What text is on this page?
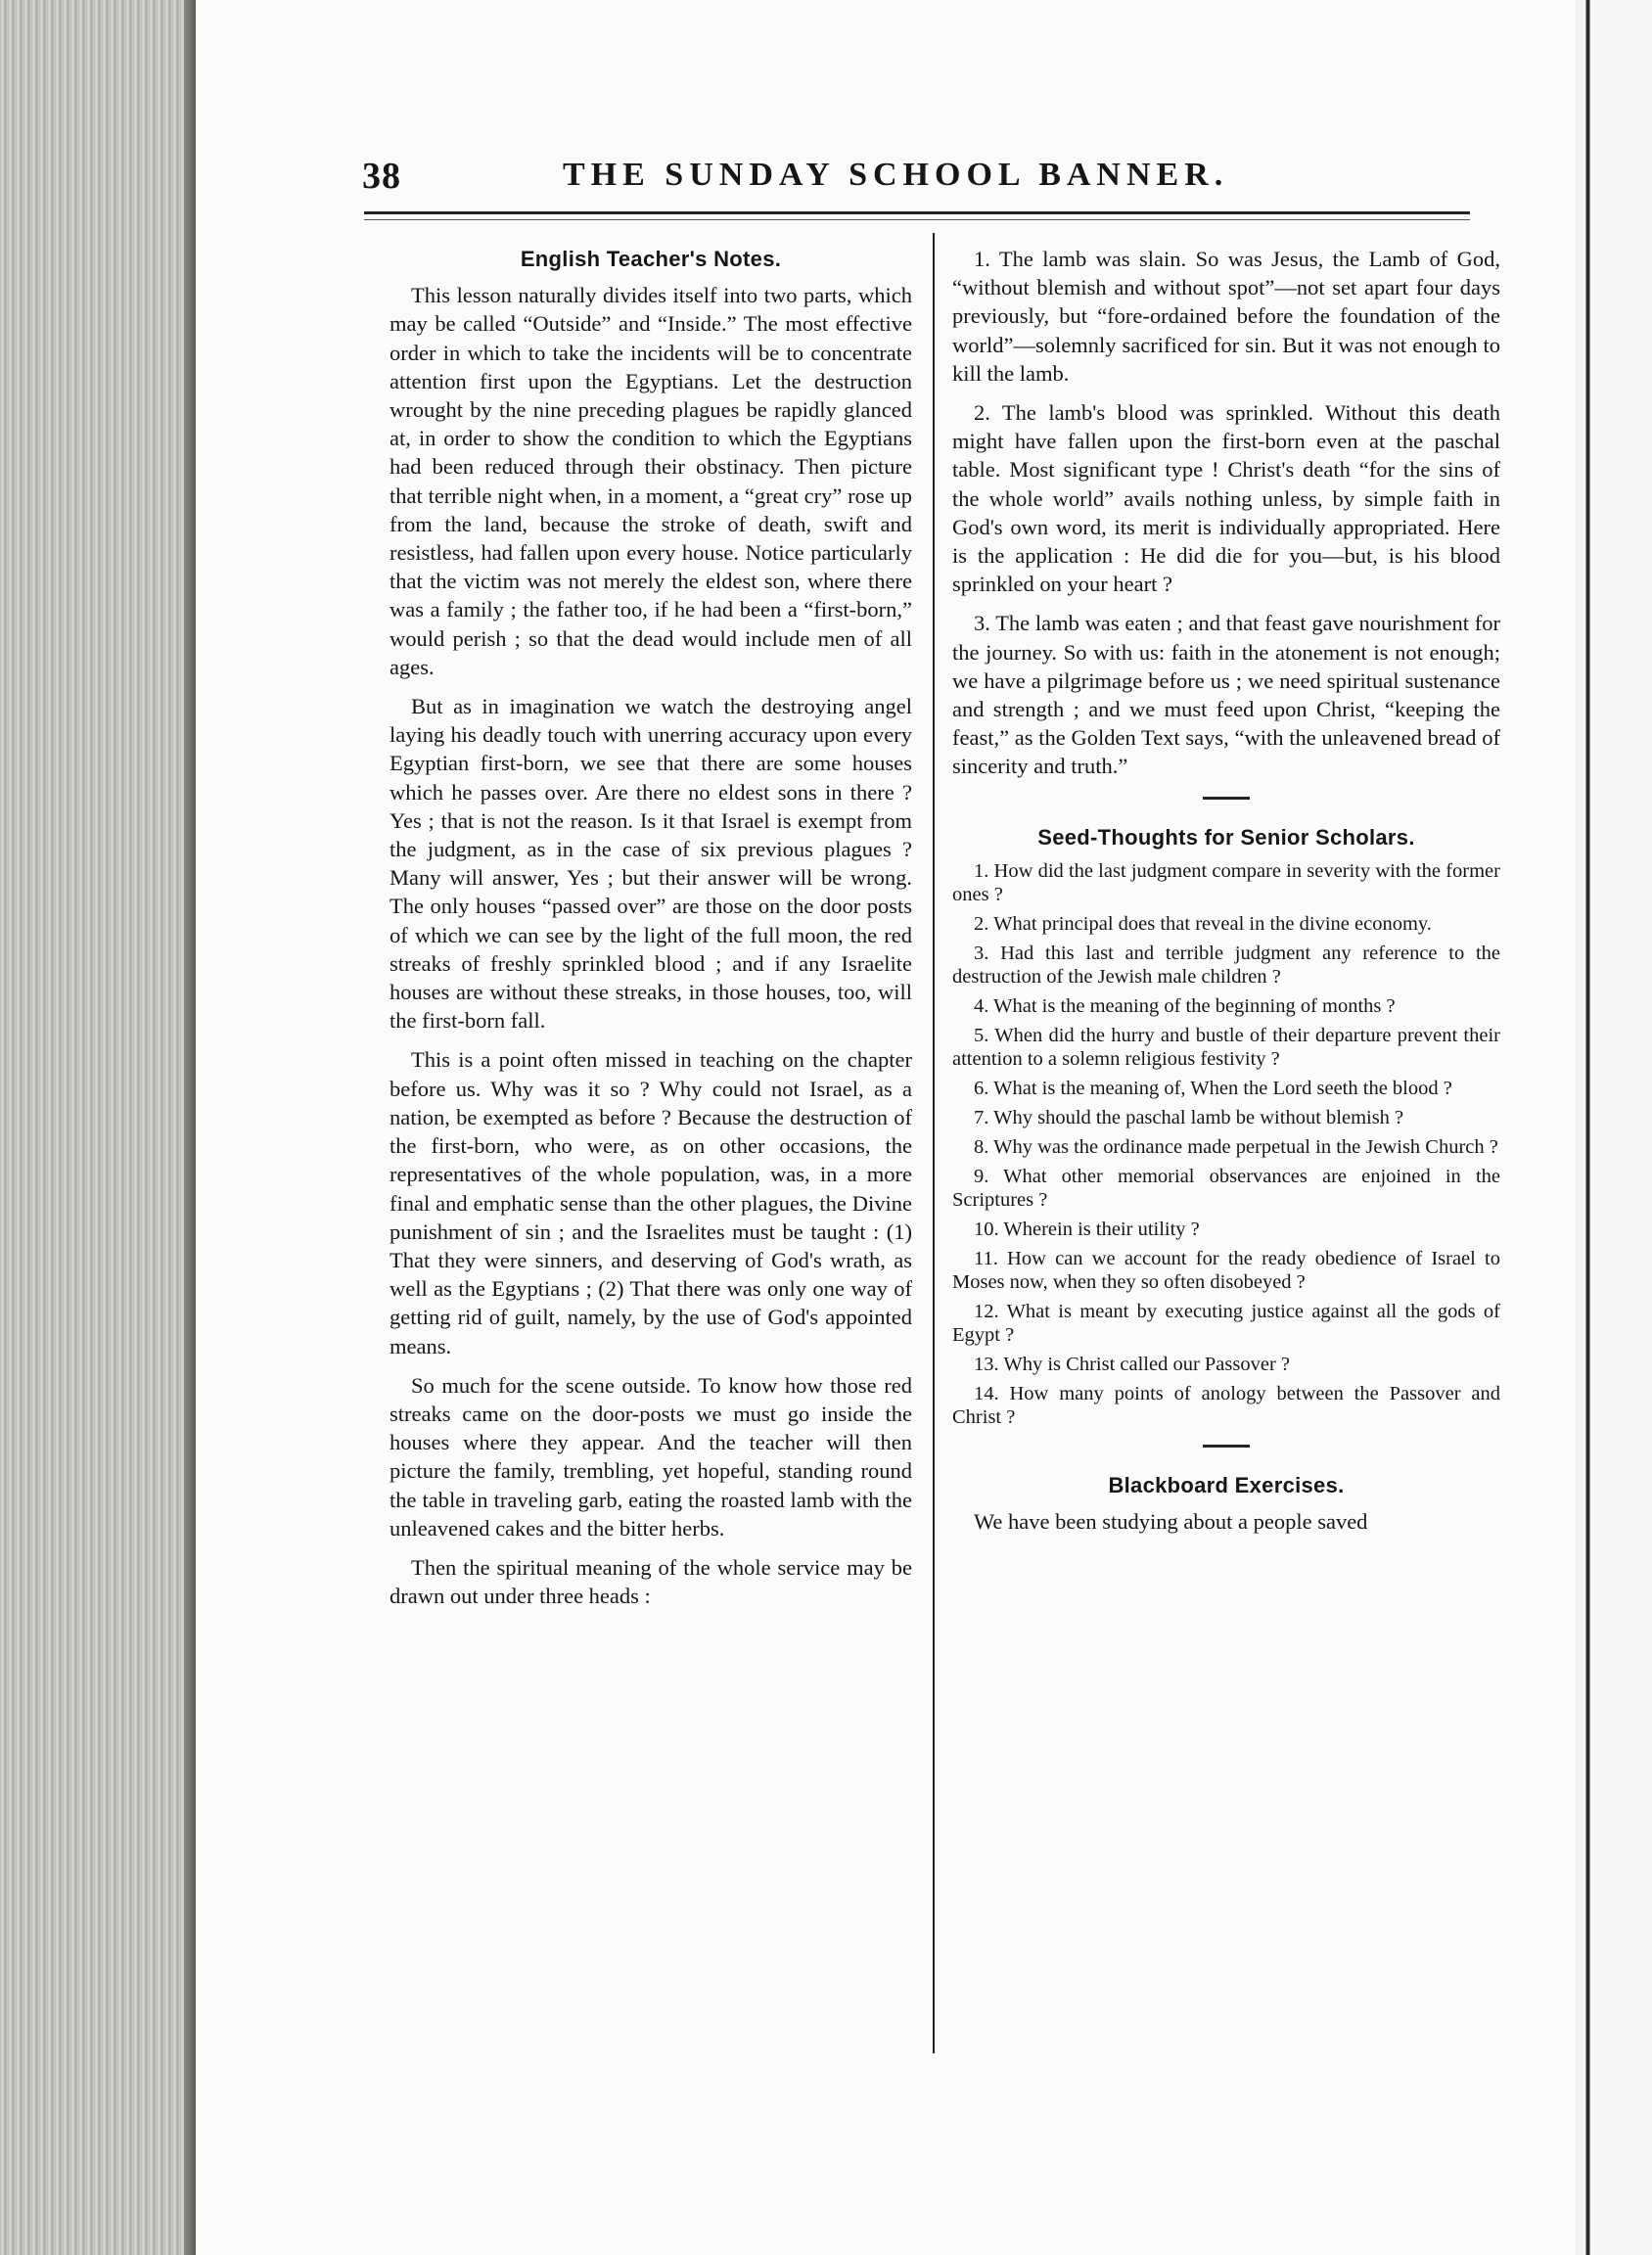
38	THE SUNDAY SCHOOL BANNER.
English Teacher's Notes.

This lesson naturally divides itself into two parts, which may be called “Outside” and “Inside.” The most effective order in which to take the incidents will be to concentrate attention first upon the Egyptians. Let the destruction wrought by the nine preceding plagues be rapidly glanced at, in order to show the condition to which the Egyptians had been reduced through their obstinacy. Then picture that terrible night when, in a moment, a “great cry” rose up from the land, because the stroke of death, swift and resistless, had fallen upon every house. Notice particularly that the victim was not merely the eldest son, where there was a family ; the father too, if he had been a “first-born,” would perish ; so that the dead would include men of all ages.

But as in imagination we watch the destroying angel laying his deadly touch with unerring accuracy upon every Egyptian first-born, we see that there are some houses which he passes over. Are there no eldest sons in there ? Yes ; that is not the reason. Is it that Israel is exempt from the judgment, as in the case of six previous plagues ? Many will answer, Yes ; but their answer will be wrong. The only houses “passed over” are those on the door posts of which we can see by the light of the full moon, the red streaks of freshly sprinkled blood ; and if any Israelite houses are without these streaks, in those houses, too, will the first-born fall.

This is a point often missed in teaching on the chapter before us. Why was it so ? Why could not Israel, as a nation, be exempted as before ? Because the destruction of the first-born, who were, as on other occasions, the representatives of the whole population, was, in a more final and emphatic sense than the other plagues, the Divine punishment of sin ; and the Israelites must be taught : (1) That they were sinners, and deserving of God's wrath, as well as the Egyptians ; (2) That there was only one way of getting rid of guilt, namely, by the use of God's appointed means.

So much for the scene outside. To know how those red streaks came on the door-posts we must go inside the houses where they appear. And the teacher will then picture the family, trembling, yet hopeful, standing round the table in traveling garb, eating the roasted lamb with the unleavened cakes and the bitter herbs.

Then the spiritual meaning of the whole service may be drawn out under three heads :

1. The lamb was slain. So was Jesus, the Lamb of God, “without blemish and without spot”—not set apart four days previously, but “fore-ordained before the foundation of the world”—solemnly sacrificed for sin. But it was not enough to kill the lamb.

2. The lamb's blood was sprinkled. Without this death might have fallen upon the first-born even at the paschal table. Most significant type ! Christ's death “for the sins of the whole world” avails nothing unless, by simple faith in God's own word, its merit is individually appropriated. Here is the application : He did die for you—but, is his blood sprinkled on your heart ?

3. The lamb was eaten ; and that feast gave nourishment for the journey. So with us: faith in the atonement is not enough; we have a pilgrimage before us ; we need spiritual sustenance and strength ; and we must feed upon Christ, “keeping the feast,” as the Golden Text says, “with the unleavened bread of sincerity and truth.”

Seed-Thoughts for Senior Scholars.

1. How did the last judgment compare in severity with the former ones ?

2. What principal does that reveal in the divine economy.

3. Had this last and terrible judgment any reference to the destruction of the Jewish male children ?

4. What is the meaning of the beginning of months ?

5. When did the hurry and bustle of their departure prevent their attention to a solemn religious festivity ?

6. What is the meaning of, When the Lord seeth the blood ?

7. Why should the paschal lamb be without blemish ?

8. Why was the ordinance made perpetual in the Jewish Church ?

9. What other memorial observances are enjoined in the Scriptures ?

10. Wherein is their utility ?

11. How can we account for the ready obedience of Israel to Moses now, when they so often disobeyed ?

12. What is meant by executing justice against all the gods of Egypt ?

13. Why is Christ called our Passover ?

14. How many points of anology between the Passover and Christ ?

Blackboard Exercises.

We have been studying about a people saved
